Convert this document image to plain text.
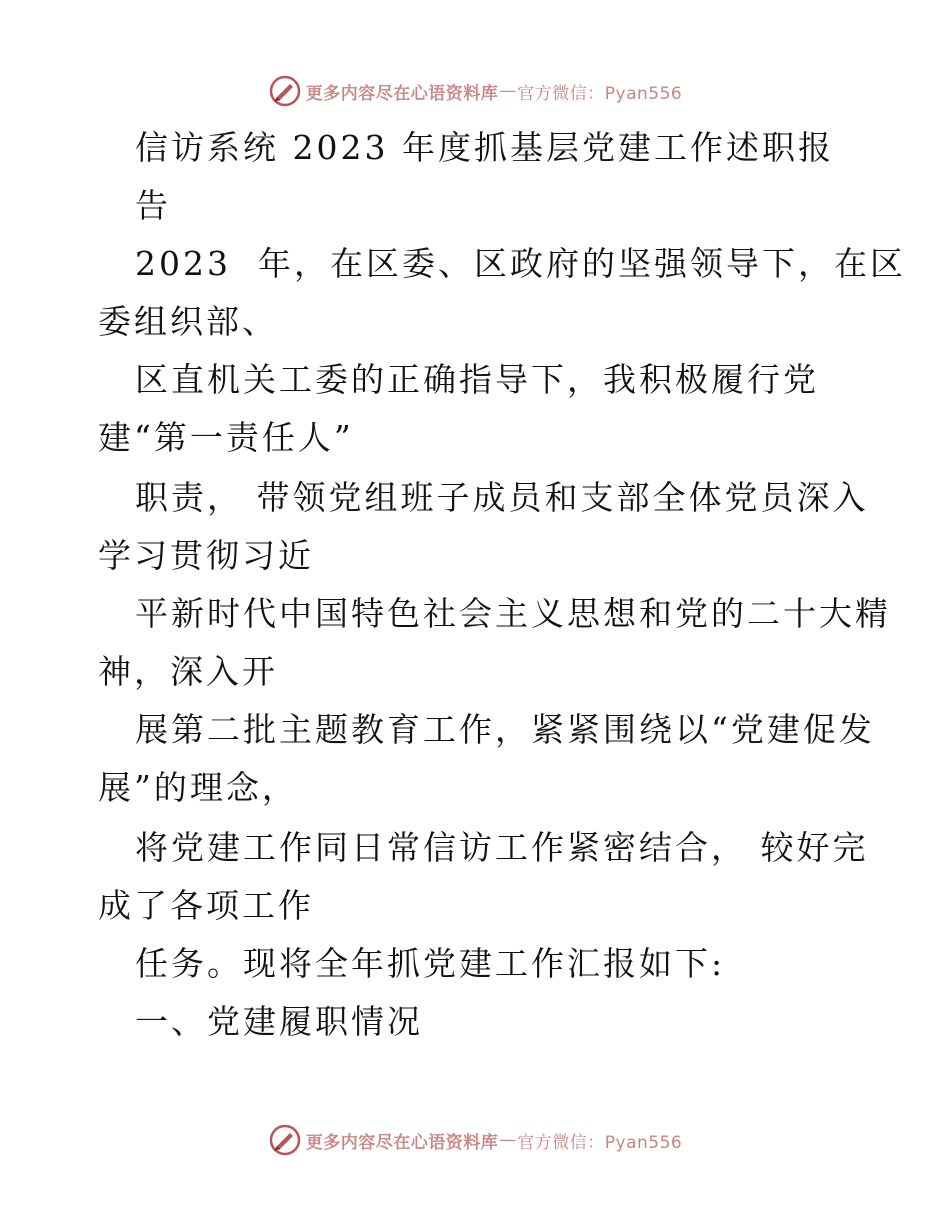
更多内容尽在心语资料库 — 官方微信：Pyan556
信访系统 2023 年度抓基层党建工作述职报
告
2023  年，在区委、区政府的坚强领导下，在区
委组织部、
区直机关工委的正确指导下，我积极履行党
建“第一责任人”
职责， 带领党组班子成员和支部全体党员深入
学习贯彻习近
平新时代中国特色社会主义思想和党的二十大精
神，深入开
展第二批主题教育工作，紧紧围绕以“党建促发
展”的理念，
将党建工作同日常信访工作紧密结合， 较好完
成了各项工作
任务。现将全年抓党建工作汇报如下:
一、党建履职情况
更多内容尽在心语资料库 — 官方微信：Pyan556
